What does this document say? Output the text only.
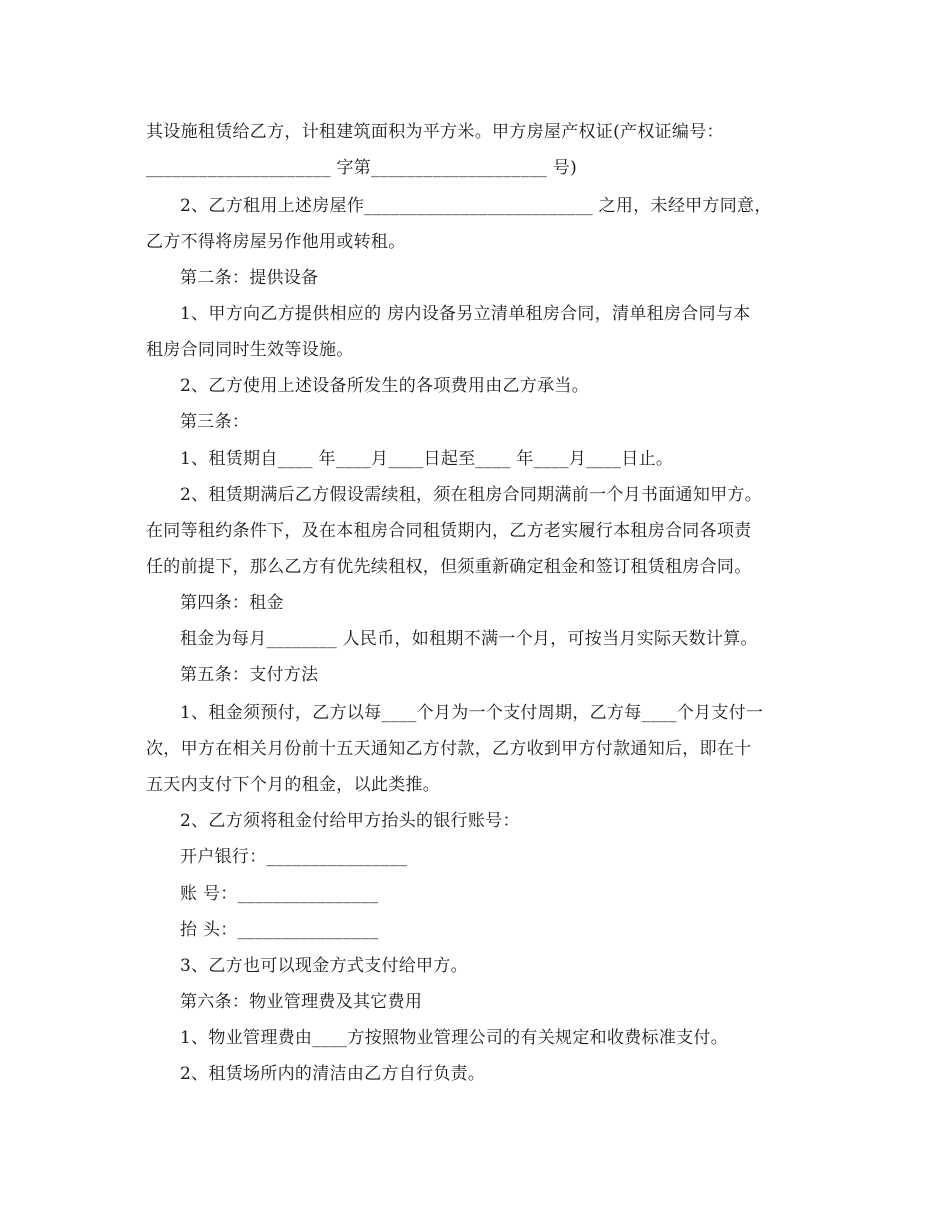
其设施租赁给乙方，计租建筑面积为平方米。甲方房屋产权证(产权证编号：
_____________________ 字第____________________ 号)
2、乙方租用上述房屋作__________________________ 之用，未经甲方同意，
乙方不得将房屋另作他用或转租。
第二条：提供设备
1、甲方向乙方提供相应的 房内设备另立清单租房合同，清单租房合同与本
租房合同同时生效等设施。
2、乙方使用上述设备所发生的各项费用由乙方承当。
第三条：
1、租赁期自____ 年____月____日起至____ 年____月____日止。
2、租赁期满后乙方假设需续租，须在租房合同期满前一个月书面通知甲方。
在同等租约条件下，及在本租房合同租赁期内，乙方老实履行本租房合同各项责
任的前提下，那么乙方有优先续租权，但须重新确定租金和签订租赁租房合同。
第四条：租金
租金为每月________ 人民币，如租期不满一个月，可按当月实际天数计算。
第五条：支付方法
1、租金须预付，乙方以每____个月为一个支付周期，乙方每____个月支付一
次，甲方在相关月份前十五天通知乙方付款，乙方收到甲方付款通知后，即在十
五天内支付下个月的租金，以此类推。
2、乙方须将租金付给甲方抬头的银行账号：
开户银行：________________
账 号：________________
抬 头：________________
3、乙方也可以现金方式支付给甲方。
第六条：物业管理费及其它费用
1、物业管理费由____方按照物业管理公司的有关规定和收费标准支付。
2、租赁场所内的清洁由乙方自行负责。
